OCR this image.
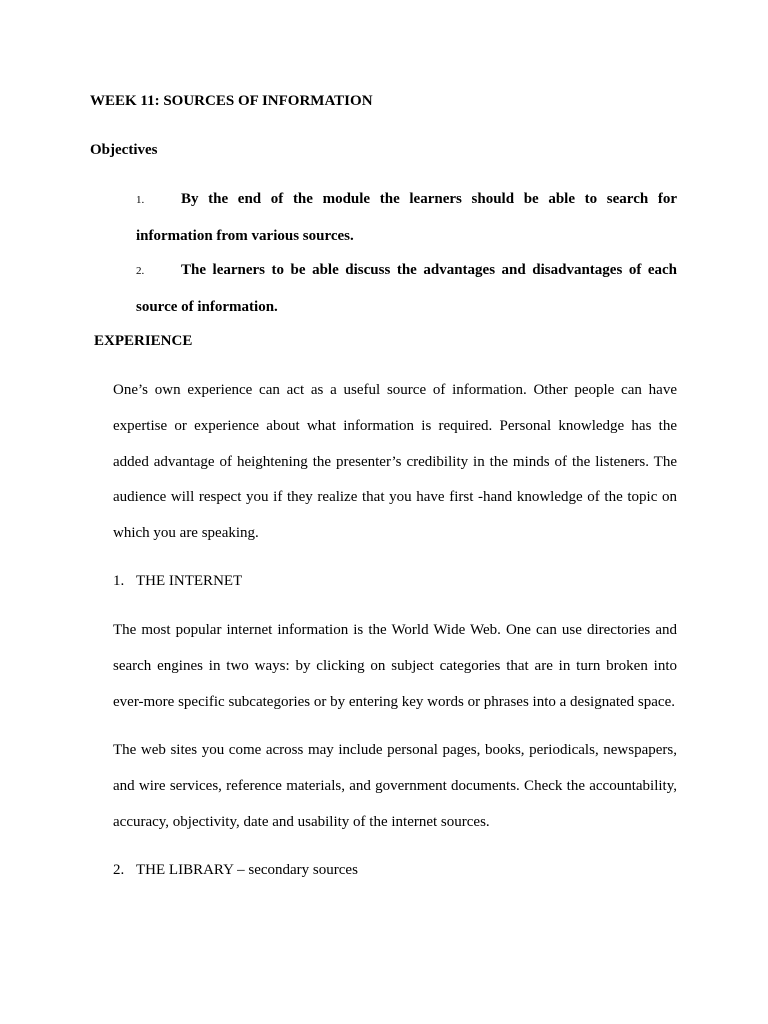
WEEK 11: SOURCES OF INFORMATION

Objectives

1. By the end of the module the learners should be able to search for information from various sources.
2. The learners to be able discuss the advantages and disadvantages of each source of information.

EXPERIENCE

One’s own experience can act as a useful source of information. Other people can have expertise or experience about what information is required. Personal knowledge has the added advantage of heightening the presenter’s credibility in the minds of the listeners. The audience will respect you if they realize that you have first -hand knowledge of the topic on which you are speaking.

1. THE INTERNET

The most popular internet information is the World Wide Web. One can use directories and search engines in two ways: by clicking on subject categories that are in turn broken into ever-more specific subcategories or by entering key words or phrases into a designated space.

The web sites you come across may include personal pages, books, periodicals, newspapers, and wire services, reference materials, and government documents. Check the accountability, accuracy, objectivity, date and usability of the internet sources.

2. THE LIBRARY – secondary sources
